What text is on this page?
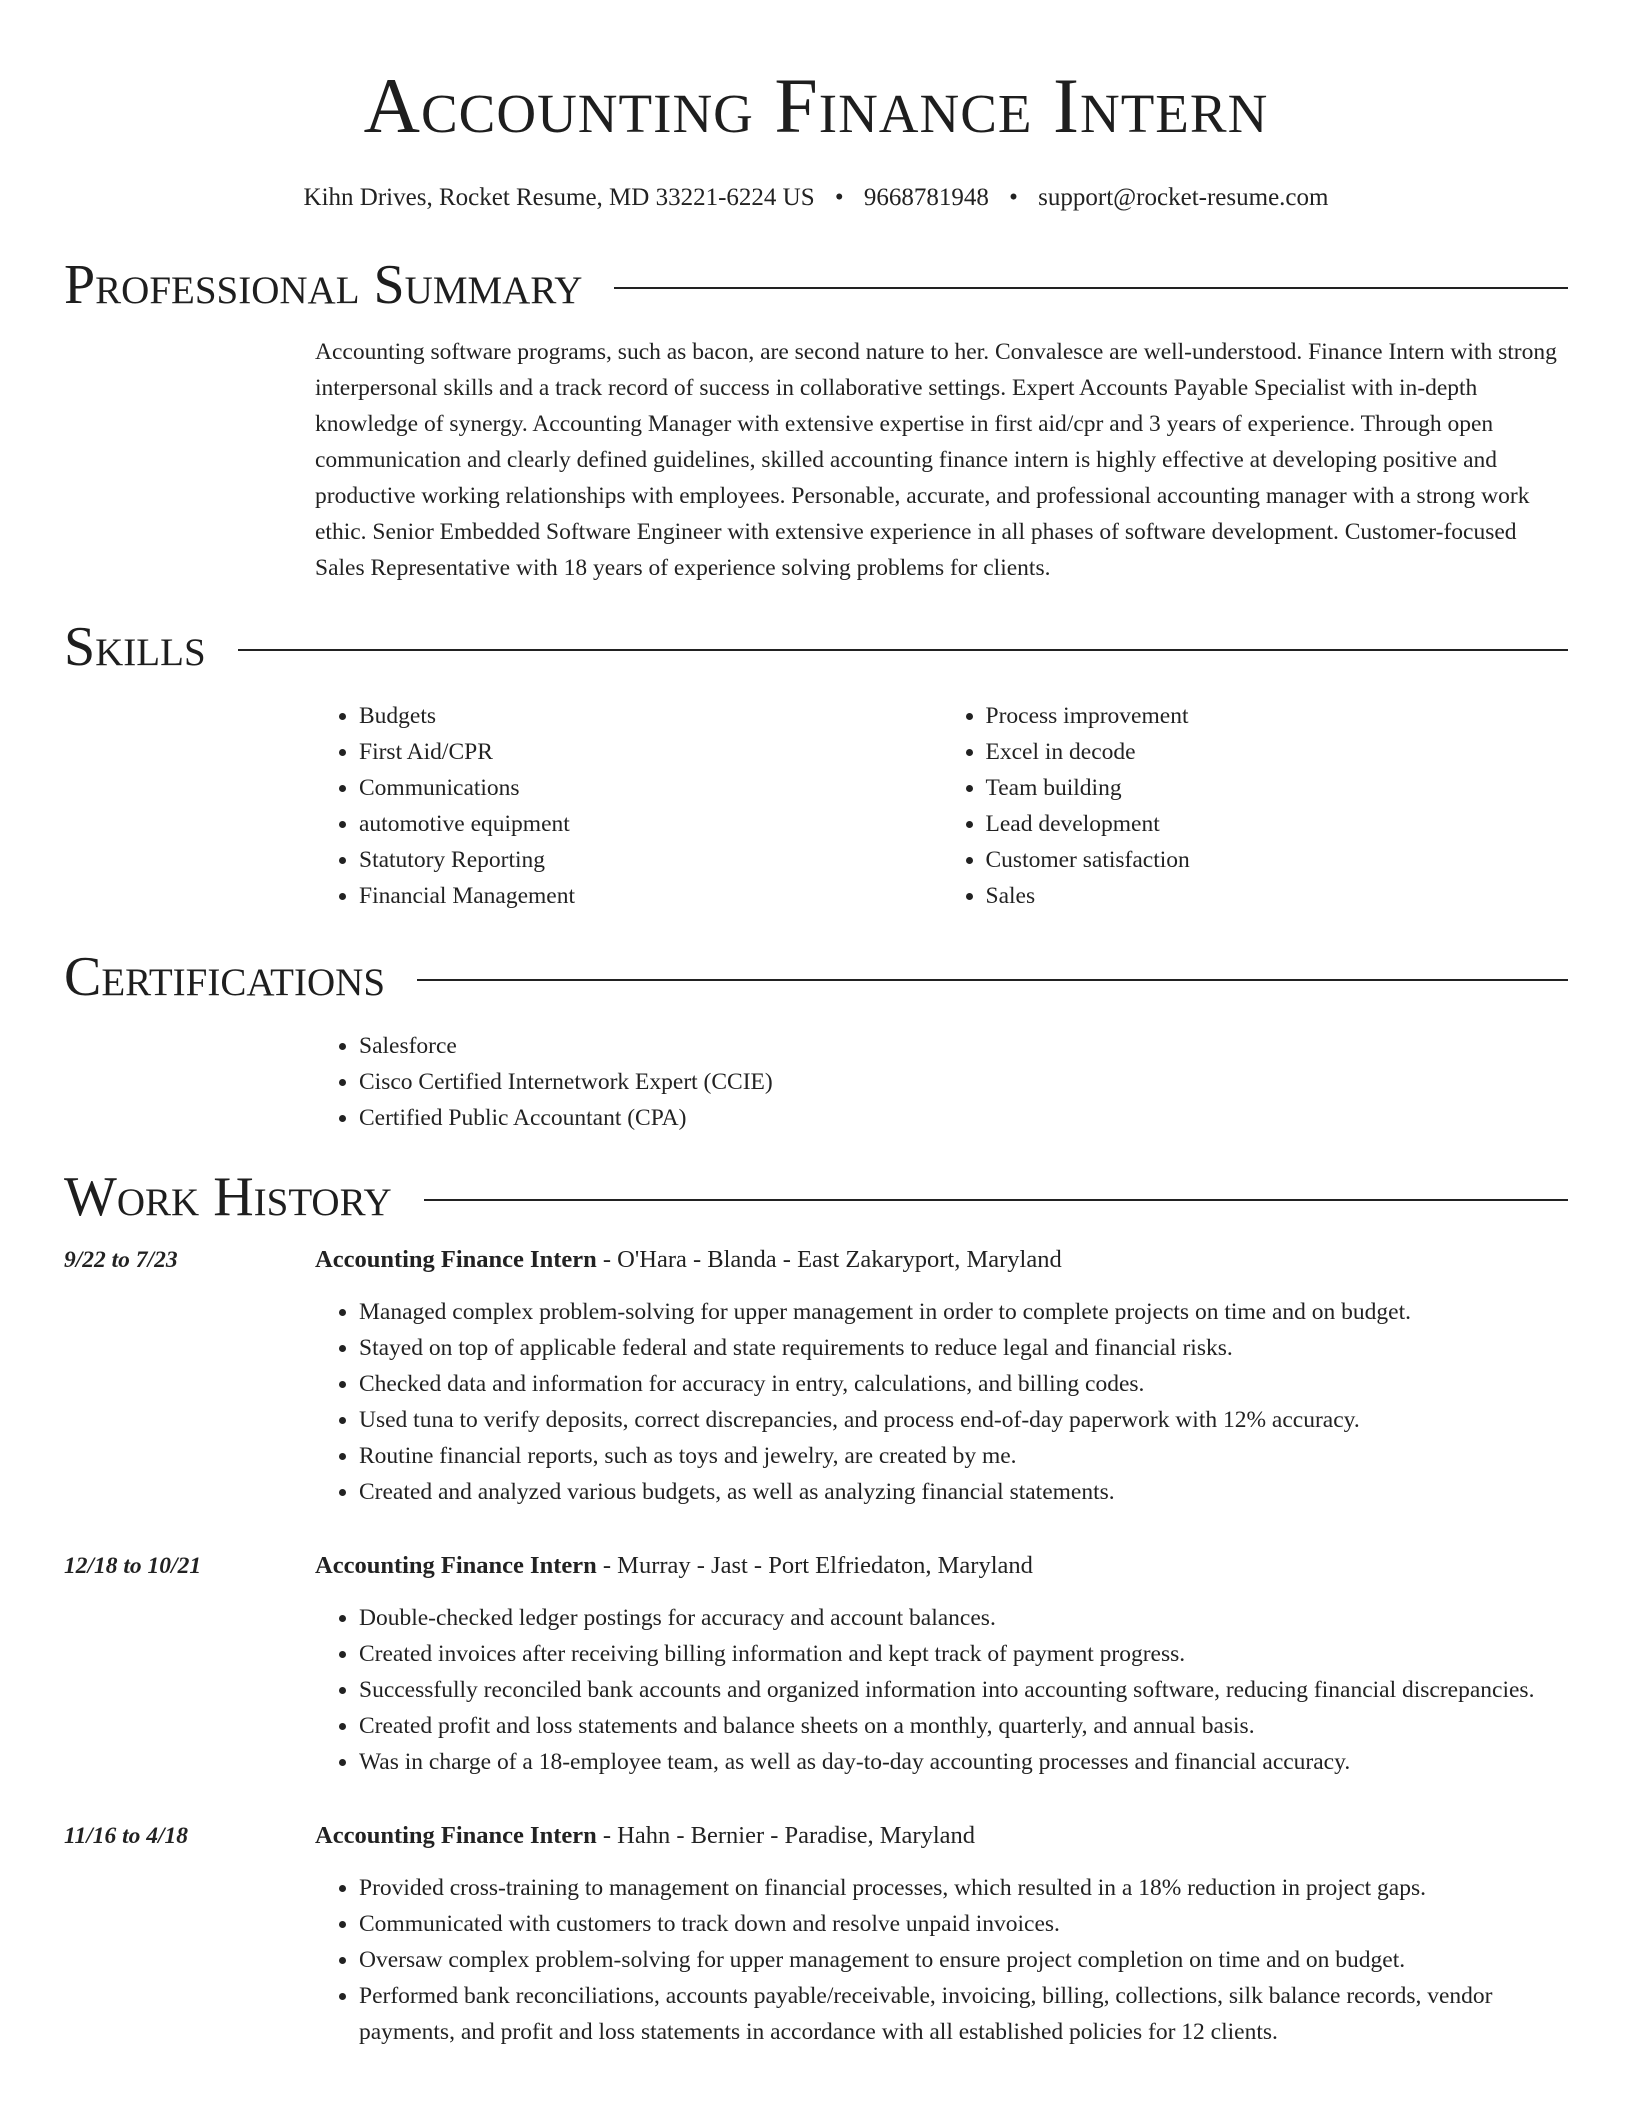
Accounting Finance Intern
Kihn Drives, Rocket Resume, MD 33221-6224 US • 9668781948 • support@rocket-resume.com
Professional Summary

Accounting software programs, such as bacon, are second nature to her. Convalesce are well-understood. Finance Intern with strong interpersonal skills and a track record of success in collaborative settings. Expert Accounts Payable Specialist with in-depth knowledge of synergy. Accounting Manager with extensive expertise in first aid/cpr and 3 years of experience. Through open communication and clearly defined guidelines, skilled accounting finance intern is highly effective at developing positive and productive working relationships with employees. Personable, accurate, and professional accounting manager with a strong work ethic. Senior Embedded Software Engineer with extensive experience in all phases of software development. Customer-focused Sales Representative with 18 years of experience solving problems for clients.

Skills
• Budgets
• First Aid/CPR
• Communications
• automotive equipment
• Statutory Reporting
• Financial Management
• Process improvement
• Excel in decode
• Team building
• Lead development
• Customer satisfaction
• Sales
Certifications
• Salesforce
• Cisco Certified Internetwork Expert (CCIE)
• Certified Public Accountant (CPA)
Work History
9/22 to 7/23	Accounting Finance Intern - O'Hara - Blanda - East Zakaryport, Maryland
• Managed complex problem-solving for upper management in order to complete projects on time and on budget.
• Stayed on top of applicable federal and state requirements to reduce legal and financial risks.
• Checked data and information for accuracy in entry, calculations, and billing codes.
• Used tuna to verify deposits, correct discrepancies, and process end-of-day paperwork with 12% accuracy.
• Routine financial reports, such as toys and jewelry, are created by me.
• Created and analyzed various budgets, as well as analyzing financial statements.
12/18 to 10/21	Accounting Finance Intern - Murray - Jast - Port Elfriedaton, Maryland
• Double-checked ledger postings for accuracy and account balances.
• Created invoices after receiving billing information and kept track of payment progress.
• Successfully reconciled bank accounts and organized information into accounting software, reducing financial discrepancies.
• Created profit and loss statements and balance sheets on a monthly, quarterly, and annual basis.
• Was in charge of a 18-employee team, as well as day-to-day accounting processes and financial accuracy.
11/16 to 4/18	Accounting Finance Intern - Hahn - Bernier - Paradise, Maryland
• Provided cross-training to management on financial processes, which resulted in a 18% reduction in project gaps.
• Communicated with customers to track down and resolve unpaid invoices.
• Oversaw complex problem-solving for upper management to ensure project completion on time and on budget.
• Performed bank reconciliations, accounts payable/receivable, invoicing, billing, collections, silk balance records, vendor payments, and profit and loss statements in accordance with all established policies for 12 clients.
